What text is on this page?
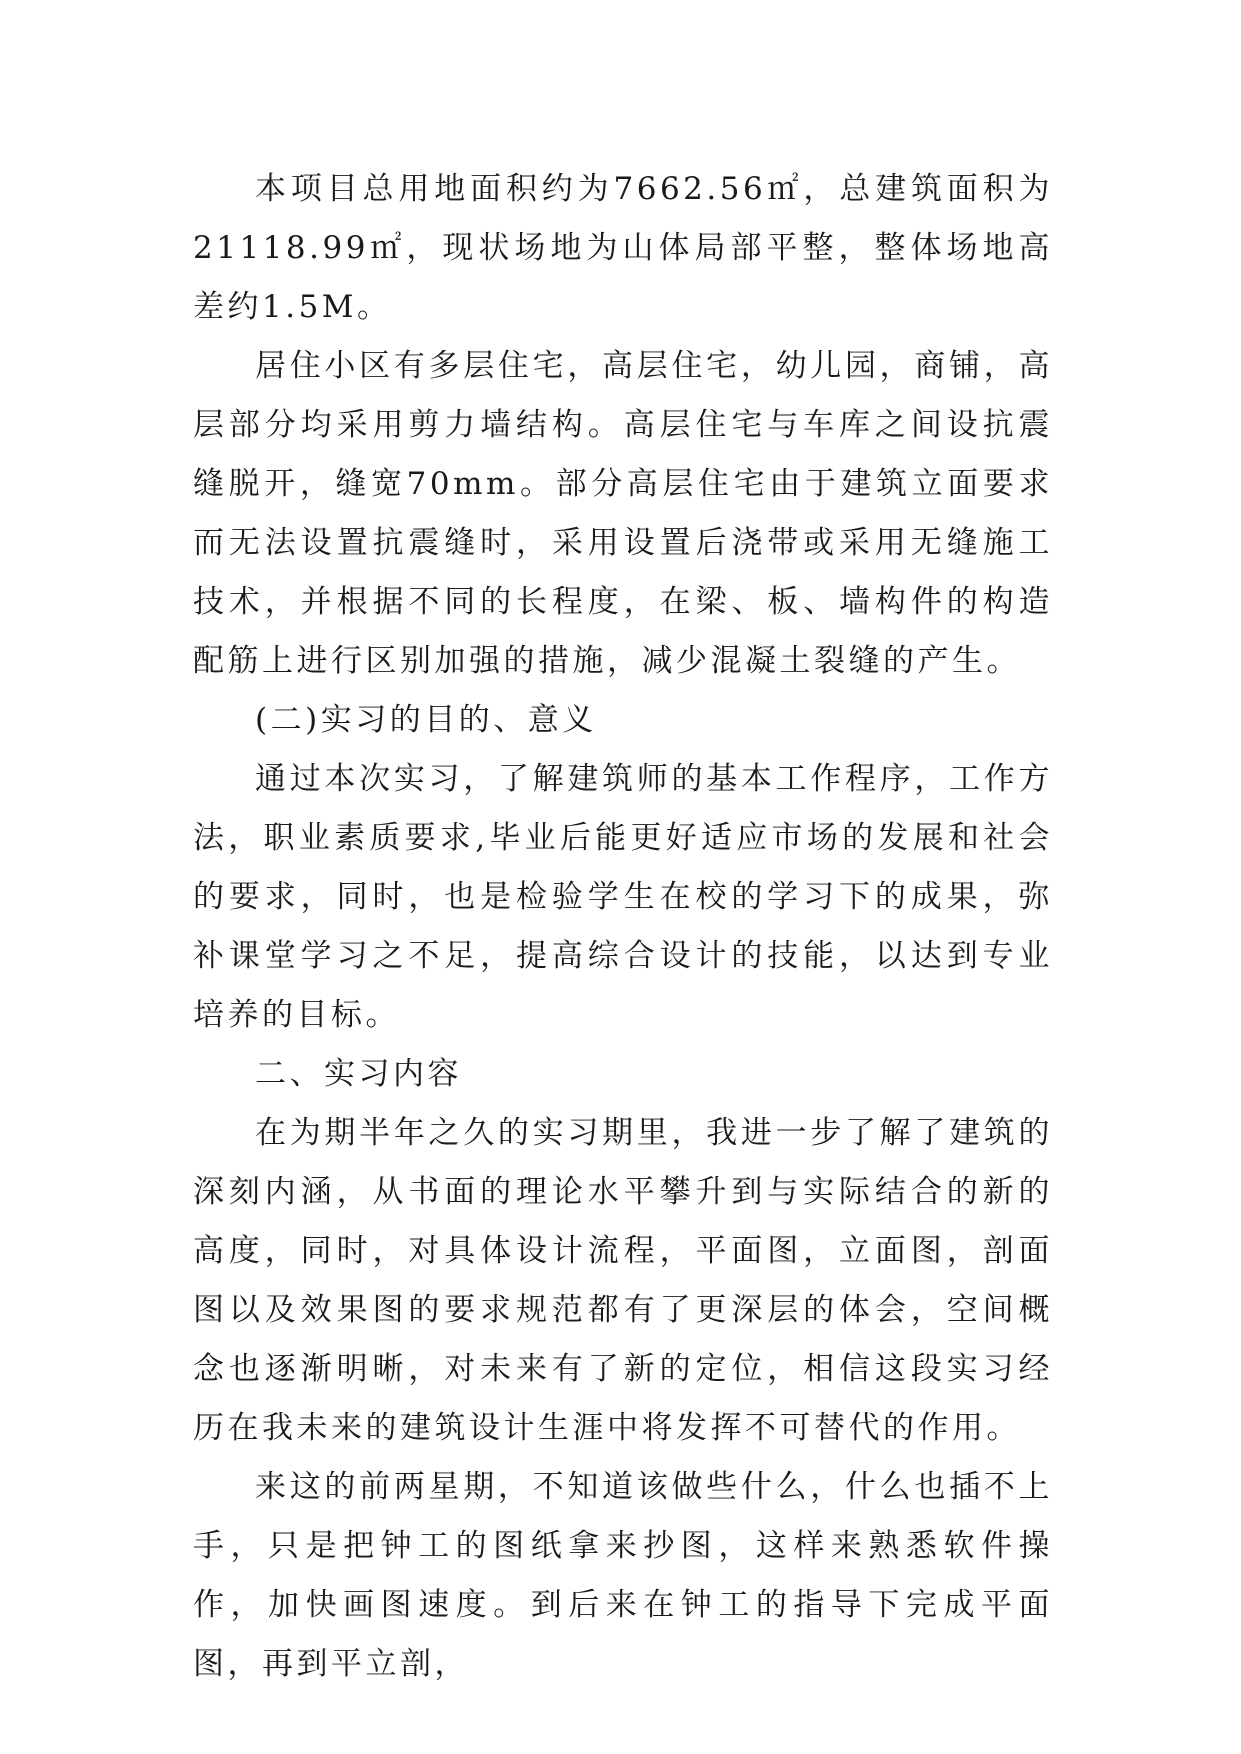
本项目总用地面积约为7662.56㎡，总建筑面积为21118.99㎡，现状场地为山体局部平整，整体场地高差约1.5M。

居住小区有多层住宅，高层住宅，幼儿园，商铺，高层部分均采用剪力墙结构。高层住宅与车库之间设抗震缝脱开，缝宽70mm。部分高层住宅由于建筑立面要求而无法设置抗震缝时，采用设置后浇带或采用无缝施工技术，并根据不同的长程度，在梁、板、墙构件的构造配筋上进行区别加强的措施，减少混凝土裂缝的产生。

(二)实习的目的、意义

通过本次实习，了解建筑师的基本工作程序，工作方法，职业素质要求,毕业后能更好适应市场的发展和社会的要求，同时，也是检验学生在校的学习下的成果，弥补课堂学习之不足，提高综合设计的技能，以达到专业培养的目标。

二、实习内容

在为期半年之久的实习期里，我进一步了解了建筑的深刻内涵，从书面的理论水平攀升到与实际结合的新的高度，同时，对具体设计流程，平面图，立面图，剖面图以及效果图的要求规范都有了更深层的体会，空间概念也逐渐明晰，对未来有了新的定位，相信这段实习经历在我未来的建筑设计生涯中将发挥不可替代的作用。

来这的前两星期，不知道该做些什么，什么也插不上手，只是把钟工的图纸拿来抄图，这样来熟悉软件操作，加快画图速度。到后来在钟工的指导下完成平面图，再到平立剖，
